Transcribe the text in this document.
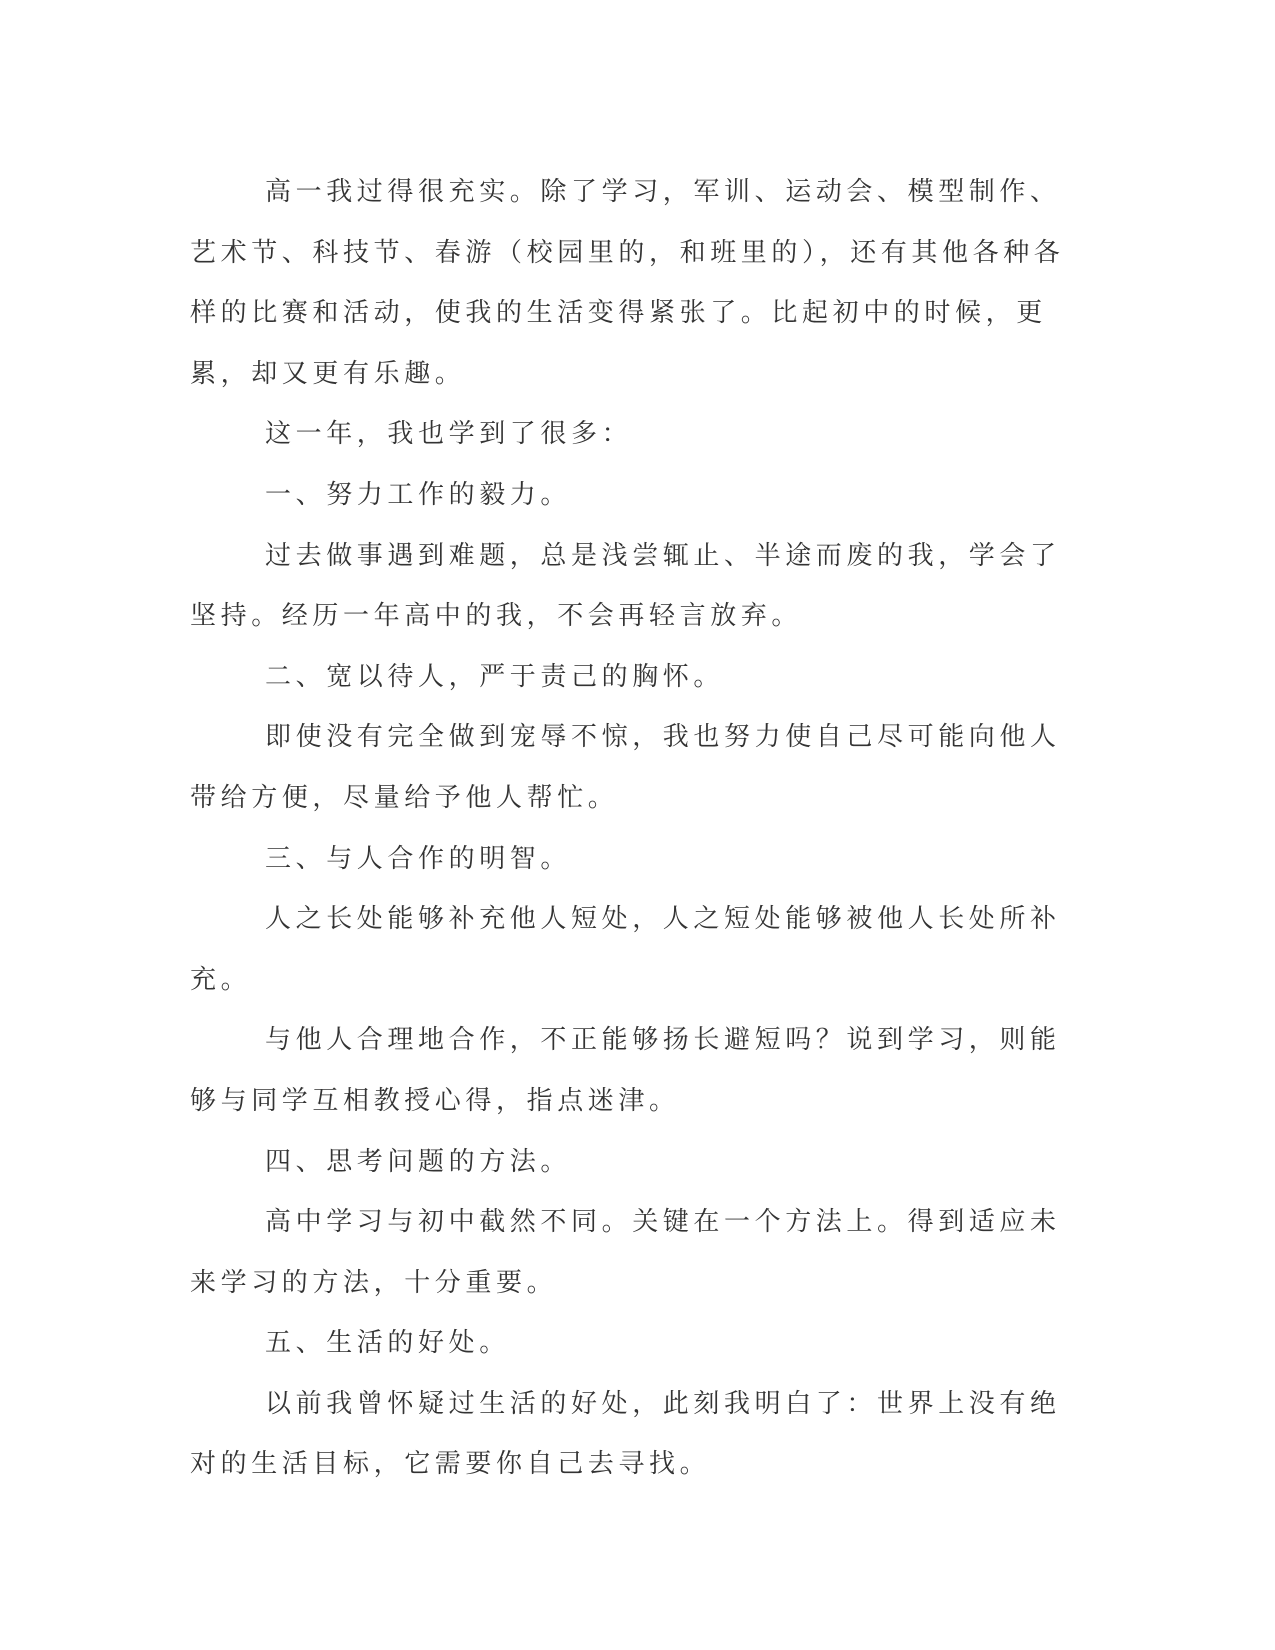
高一我过得很充实。除了学习，军训、运动会、模型制作、艺术节、科技节、春游（校园里的，和班里的），还有其他各种各样的比赛和活动，使我的生活变得紧张了。比起初中的时候，更累，却又更有乐趣。

这一年，我也学到了很多：

一、努力工作的毅力。

过去做事遇到难题，总是浅尝辄止、半途而废的我，学会了坚持。经历一年高中的我，不会再轻言放弃。

二、宽以待人，严于责己的胸怀。

即使没有完全做到宠辱不惊，我也努力使自己尽可能向他人带给方便，尽量给予他人帮忙。

三、与人合作的明智。

人之长处能够补充他人短处，人之短处能够被他人长处所补充。

与他人合理地合作，不正能够扬长避短吗？说到学习，则能够与同学互相教授心得，指点迷津。

四、思考问题的方法。

高中学习与初中截然不同。关键在一个方法上。得到适应未来学习的方法，十分重要。

五、生活的好处。

以前我曾怀疑过生活的好处，此刻我明白了：世界上没有绝对的生活目标，它需要你自己去寻找。
